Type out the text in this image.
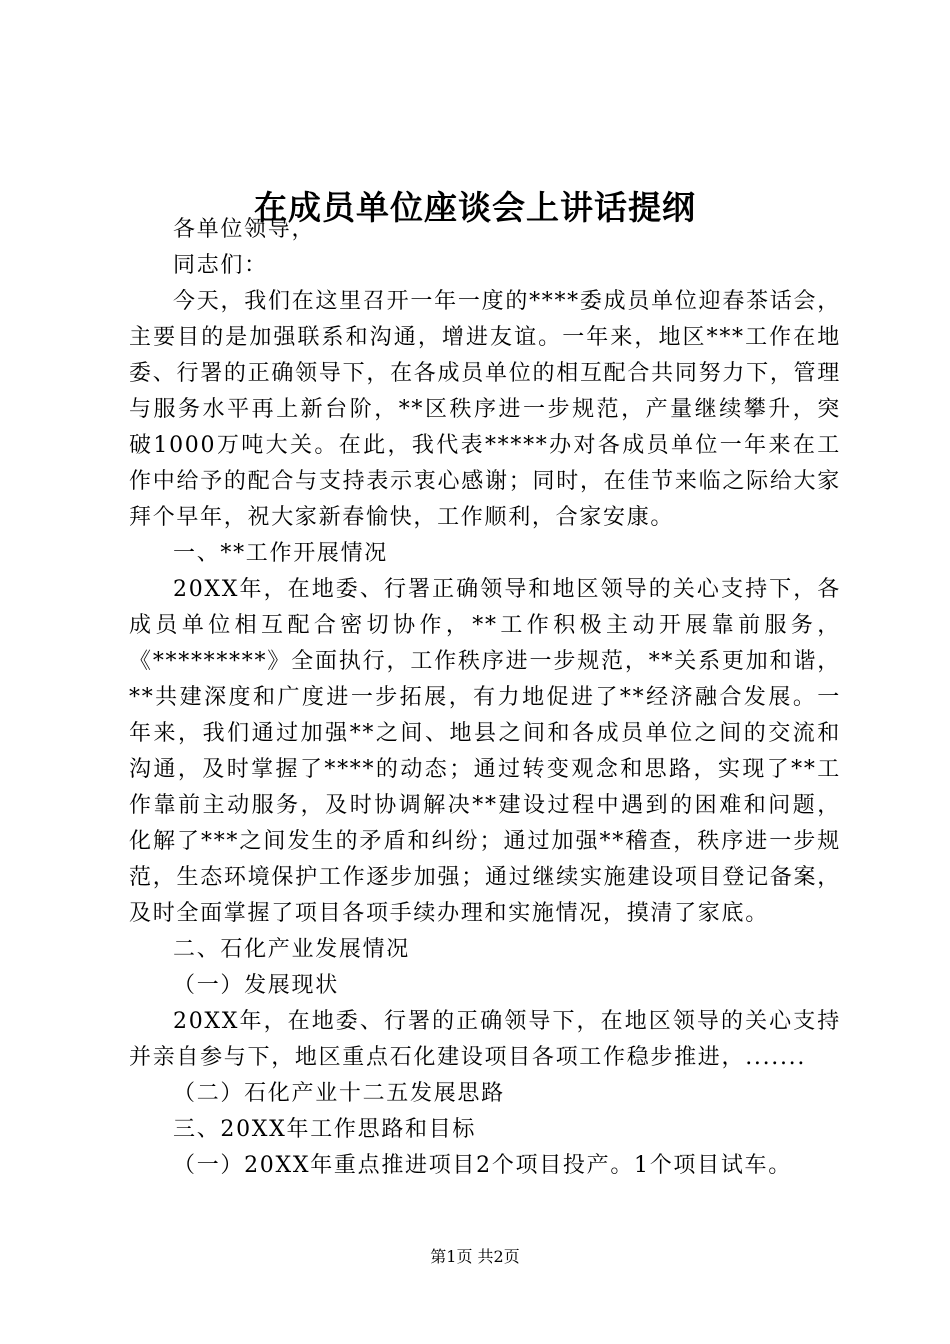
在成员单位座谈会上讲话提纲

各单位领导，

同志们：

今天，我们在这里召开一年一度的****委成员单位迎春茶话会，主要目的是加强联系和沟通，增进友谊。一年来，地区***工作在地委、行署的正确领导下，在各成员单位的相互配合共同努力下，管理与服务水平再上新台阶，**区秩序进一步规范，产量继续攀升，突破1000万吨大关。在此，我代表*****办对各成员单位一年来在工作中给予的配合与支持表示衷心感谢；同时，在佳节来临之际给大家拜个早年，祝大家新春愉快，工作顺利，合家安康。

一、**工作开展情况

20XX年，在地委、行署正确领导和地区领导的关心支持下，各成员单位相互配合密切协作，**工作积极主动开展靠前服务，《*********》全面执行，工作秩序进一步规范，**关系更加和谐，**共建深度和广度进一步拓展，有力地促进了**经济融合发展。一年来，我们通过加强**之间、地县之间和各成员单位之间的交流和沟通，及时掌握了****的动态；通过转变观念和思路，实现了**工作靠前主动服务，及时协调解决**建设过程中遇到的困难和问题，化解了***之间发生的矛盾和纠纷；通过加强**稽查，秩序进一步规范，生态环境保护工作逐步加强；通过继续实施建设项目登记备案，及时全面掌握了项目各项手续办理和实施情况，摸清了家底。

二、石化产业发展情况

（一）发展现状

20XX年，在地委、行署的正确领导下，在地区领导的关心支持并亲自参与下，地区重点石化建设项目各项工作稳步推进，.......

（二）石化产业十二五发展思路

三、20XX年工作思路和目标

（一）20XX年重点推进项目2个项目投产。1个项目试车。

第1页 共2页
